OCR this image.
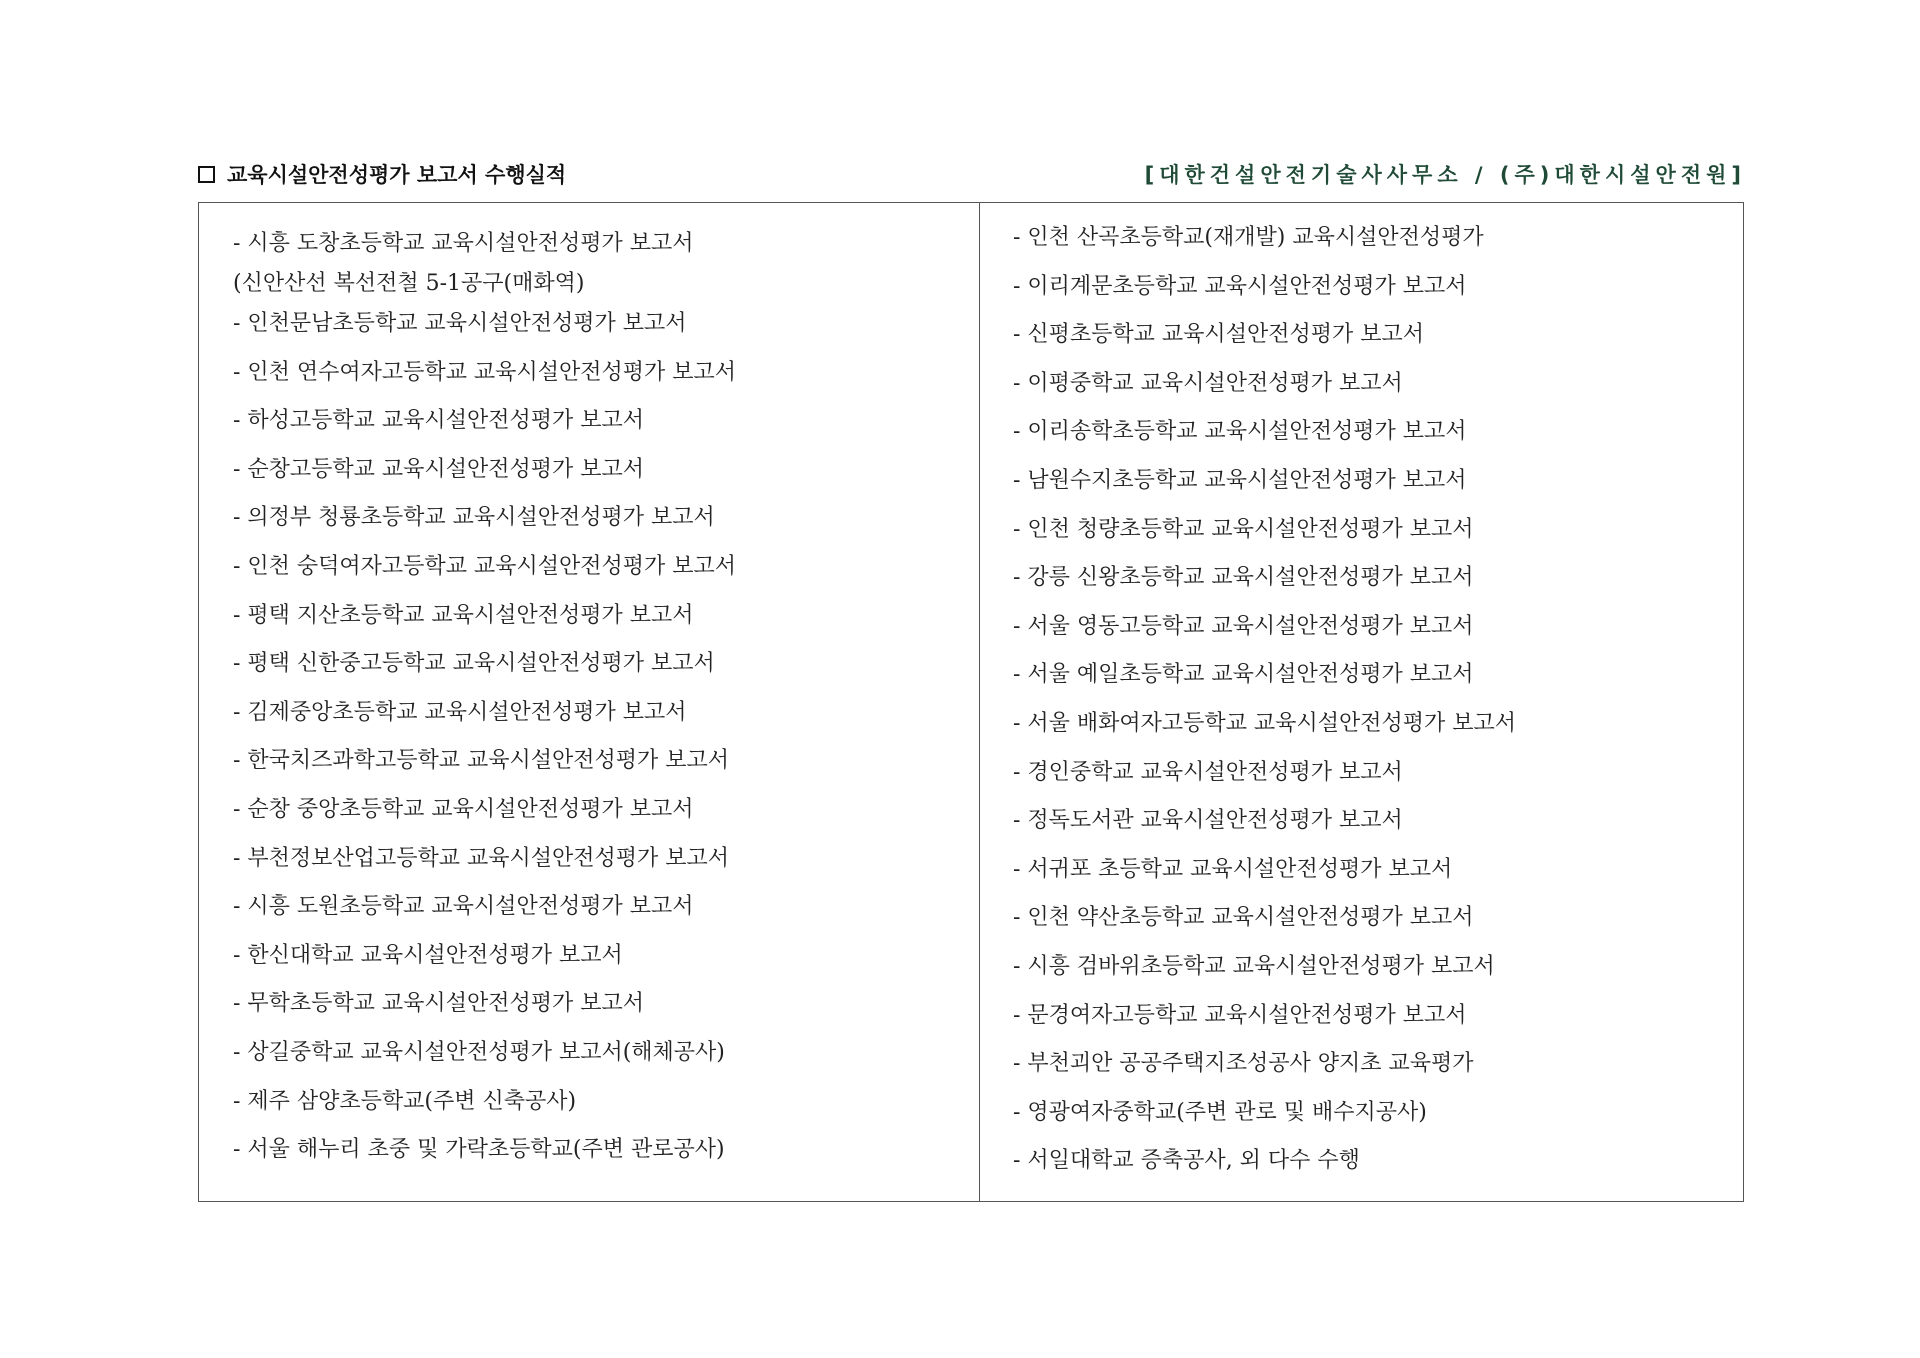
교육시설안전성평가 보고서 수행실적	[대한건설안전기술사사무소 / (주)대한시설안전원]
- 시흥 도창초등학교 교육시설안전성평가 보고서
(신안산선 복선전철 5-1공구(매화역)
- 인천문남초등학교 교육시설안전성평가 보고서
- 인천 연수여자고등학교 교육시설안전성평가 보고서
- 하성고등학교 교육시설안전성평가 보고서
- 순창고등학교 교육시설안전성평가 보고서
- 의정부 청룡초등학교 교육시설안전성평가 보고서
- 인천 숭덕여자고등학교 교육시설안전성평가 보고서
- 평택 지산초등학교 교육시설안전성평가 보고서
- 평택 신한중고등학교 교육시설안전성평가 보고서
- 김제중앙초등학교 교육시설안전성평가 보고서
- 한국치즈과학고등학교 교육시설안전성평가 보고서
- 순창 중앙초등학교 교육시설안전성평가 보고서
- 부천정보산업고등학교 교육시설안전성평가 보고서
- 시흥 도원초등학교 교육시설안전성평가 보고서
- 한신대학교 교육시설안전성평가 보고서
- 무학초등학교 교육시설안전성평가 보고서
- 상길중학교 교육시설안전성평가 보고서(해체공사)
- 제주 삼양초등학교(주변 신축공사)
- 서울 해누리 초중 및 가락초등학교(주변 관로공사)
- 인천 산곡초등학교(재개발) 교육시설안전성평가
- 이리계문초등학교 교육시설안전성평가 보고서
- 신평초등학교 교육시설안전성평가 보고서
- 이평중학교 교육시설안전성평가 보고서
- 이리송학초등학교 교육시설안전성평가 보고서
- 남원수지초등학교 교육시설안전성평가 보고서
- 인천 청량초등학교 교육시설안전성평가 보고서
- 강릉 신왕초등학교 교육시설안전성평가 보고서
- 서울 영동고등학교 교육시설안전성평가 보고서
- 서울 예일초등학교 교육시설안전성평가 보고서
- 서울 배화여자고등학교 교육시설안전성평가 보고서
- 경인중학교 교육시설안전성평가 보고서
- 정독도서관 교육시설안전성평가 보고서
- 서귀포 초등학교 교육시설안전성평가 보고서
- 인천 약산초등학교 교육시설안전성평가 보고서
- 시흥 검바위초등학교 교육시설안전성평가 보고서
- 문경여자고등학교 교육시설안전성평가 보고서
- 부천괴안 공공주택지조성공사 양지초 교육평가
- 영광여자중학교(주변 관로 및 배수지공사)
- 서일대학교 증축공사, 외 다수 수행
